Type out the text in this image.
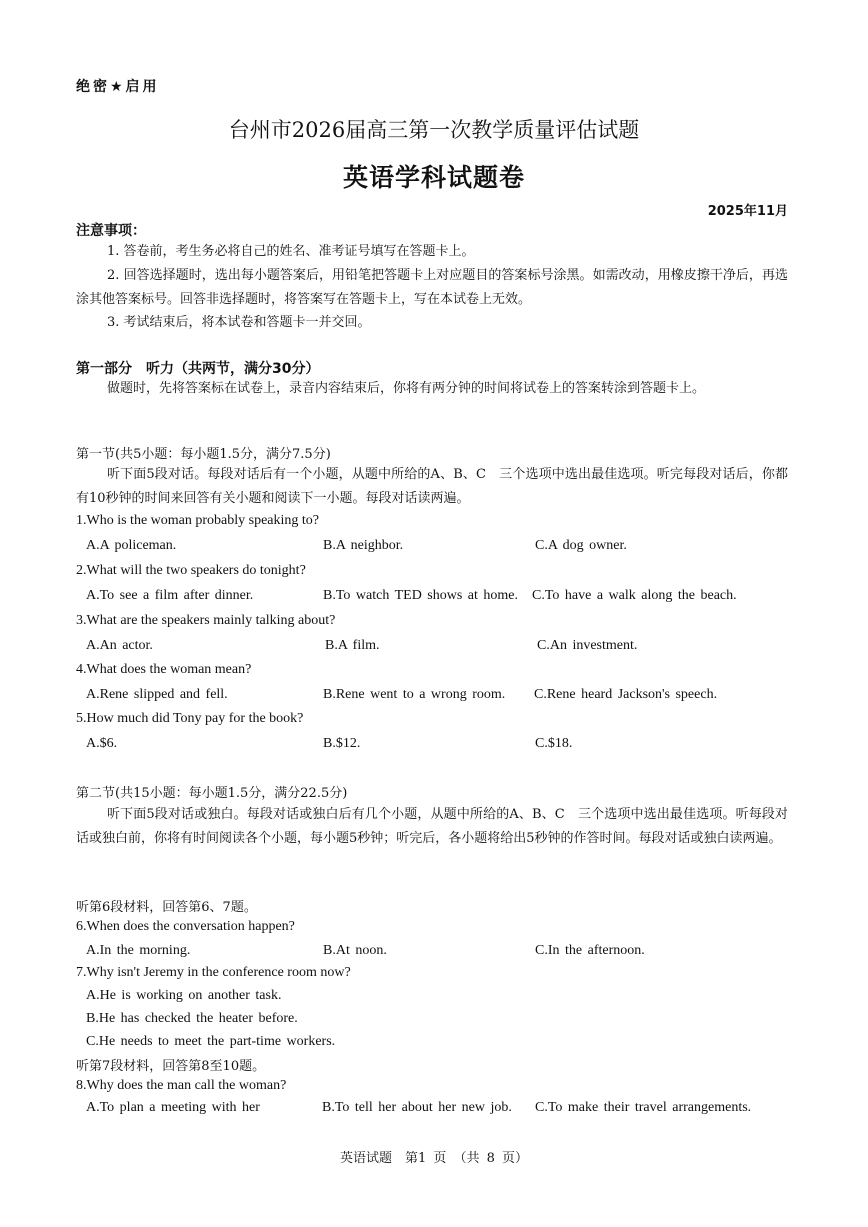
绝密★启用
台州市2026届高三第一次教学质量评估试题
英语学科试题卷
2025年11月
注意事项：
1. 答卷前，考生务必将自己的姓名、准考证号填写在答题卡上。
2. 回答选择题时，选出每小题答案后，用铅笔把答题卡上对应题目的答案标号涂黑。如需改动，用橡皮擦干净后，再选涂其他答案标号。回答非选择题时，将答案写在答题卡上，写在本试卷上无效。
3. 考试结束后，将本试卷和答题卡一并交回。
第一部分　听力（共两节，满分30分）
做题时，先将答案标在试卷上，录音内容结束后，你将有两分钟的时间将试卷上的答案转涂到答题卡上。
第一节(共5小题：每小题1.5分，满分7.5分)
听下面5段对话。每段对话后有一个小题，从题中所给的A、B、C　三个选项中选出最佳选项。听完每段对话后，你都有10秒钟的时间来回答有关小题和阅读下一小题。每段对话读两遍。
1.Who is the woman probably speaking to?
A.A policeman.	B.A neighbor.	C.A dog owner.
2.What will the two speakers do tonight?
A.To see a film after dinner.	B.To watch TED shows at home. C.To have a walk along the beach.
3.What are the speakers mainly talking about?
A.An actor.	B.A film.	C.An investment.
4.What does the woman mean?
A.Rene slipped and fell.	B.Rene went to a wrong room. C.Rene heard Jackson's speech.
5.How much did Tony pay for the book?
A.$6.	B.$12.	C.$18.
第二节(共15小题：每小题1.5分，满分22.5分)
听下面5段对话或独白。每段对话或独白后有几个小题，从题中所给的A、B、C　三个选项中选出最佳选项。听每段对话或独白前，你将有时间阅读各个小题，每小题5秒钟；听完后，各小题将给出5秒钟的作答时间。每段对话或独白读两遍。
听第6段材料，回答第6、7题。
6.When does the conversation happen?
A.In the morning.	B.At noon.	C.In the afternoon.
7.Why isn't Jeremy in the conference room now?
A.He is working on another task.
B.He has checked the heater before.
C.He needs to meet the part-time workers.
听第7段材料，回答第8至10题。
8.Why does the man call the woman?
A.To plan a meeting with her	B.To tell her about her new job. C.To make their travel arrangements.
英语试题　第1 页 （共 8 页）
